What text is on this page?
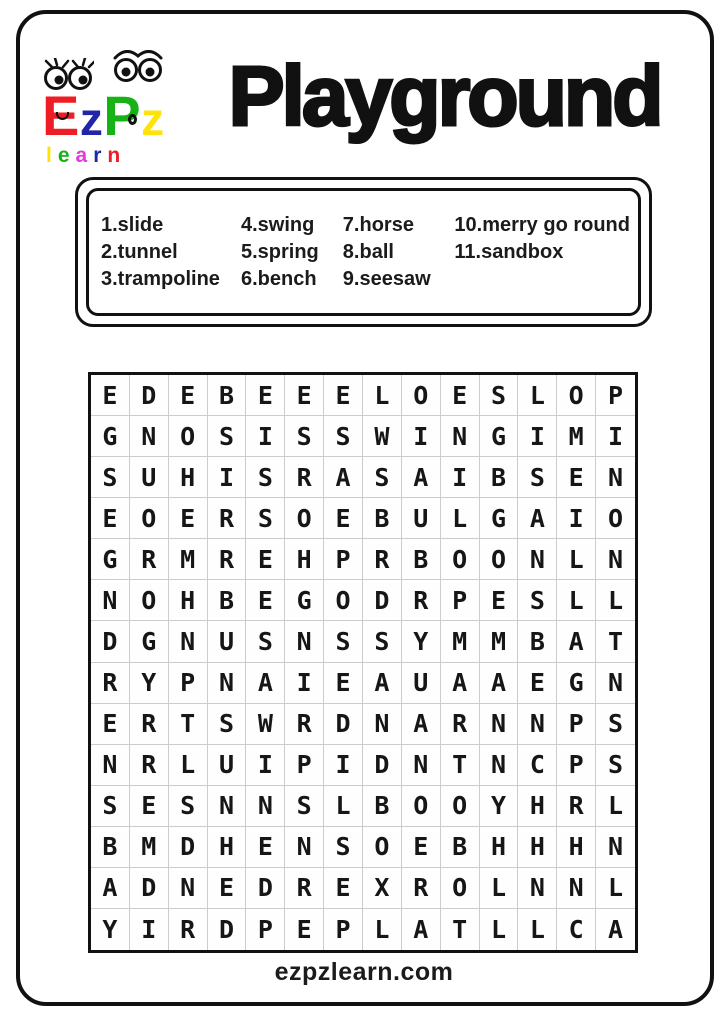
E z P z
learn
Playground
1.slide
2.tunnel
3.trampoline
4.swing
5.spring
6.bench
7.horse
8.ball
9.seesaw
10.merry go round
11.sandbox

E D E B E E E L O E S L O P
G N O S I S S W I N G I M I
S U H I S R A S A I B S E N
E O E R S O E B U L G A I O
G R M R E H P R B O O N L N
N O H B E G O D R P E S L L
D G N U S N S S Y M M B A T
R Y P N A I E A U A A E G N
E R T S W R D N A R N N P S
N R L U I P I D N T N C P S
S E S N N S L B O O Y H R L
B M D H E N S O E B H H H N
A D N E D R E X R O L N N L
Y I R D P E P L A T L L C A
ezpzlearn.com
